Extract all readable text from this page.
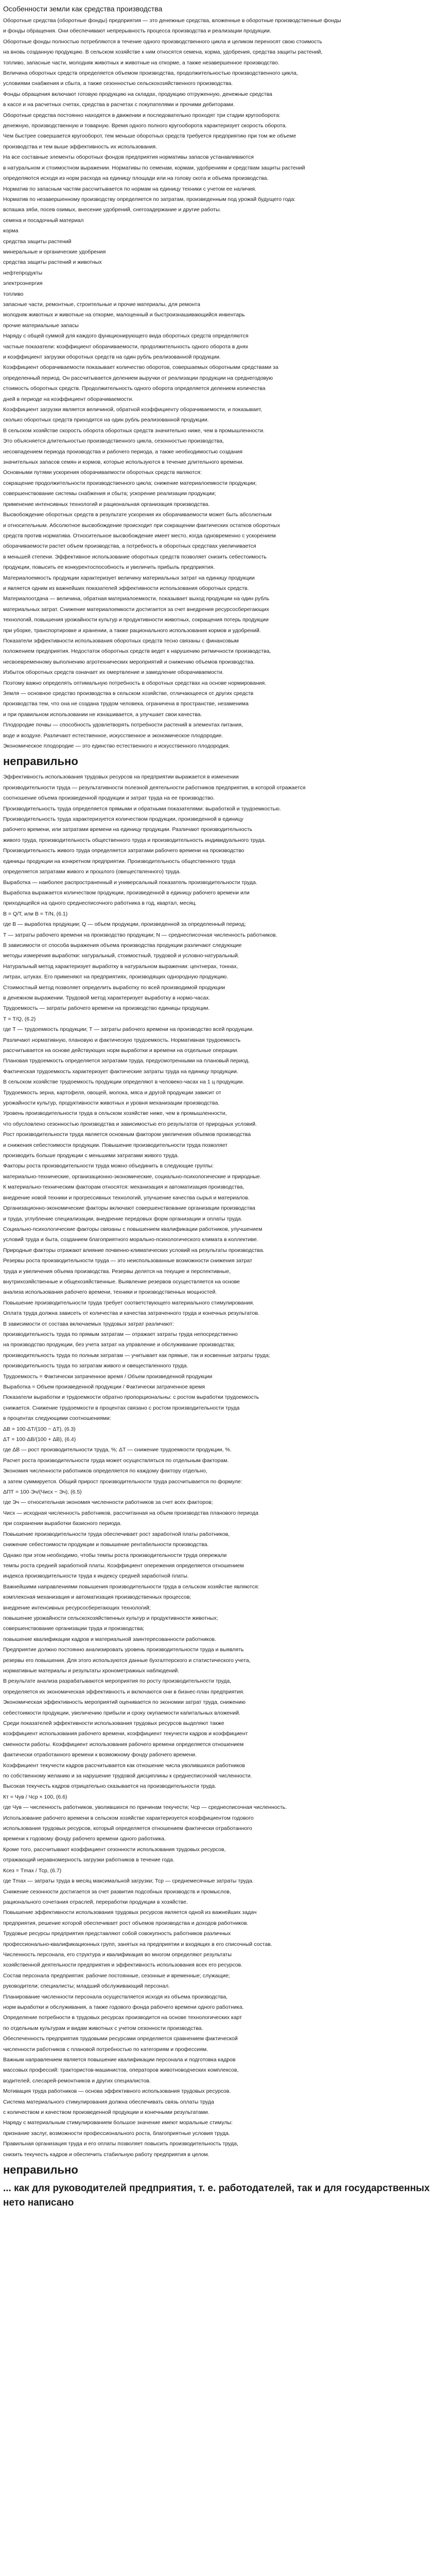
Особенности земли как средства производства

Оборотные средства (оборотные фонды) предприятия — это денежные средства, вложенные в оборотные производственные фонды

и фонды обращения. Они обеспечивают непрерывность процесса производства и реализации продукции.

Оборотные фонды полностью потребляются в течение одного производственного цикла и целиком переносят свою стоимость

на вновь созданную продукцию. В сельском хозяйстве к ним относятся семена, корма, удобрения, средства защиты растений,

топливо, запасные части, молодняк животных и животные на откорме, а также незавершенное производство.

Величина оборотных средств определяется объемом производства, продолжительностью производственного цикла,

условиями снабжения и сбыта, а также сезонностью сельскохозяйственного производства.

Фонды обращения включают готовую продукцию на складах, продукцию отгруженную, денежные средства

в кассе и на расчетных счетах, средства в расчетах с покупателями и прочими дебиторами.

Оборотные средства постоянно находятся в движении и последовательно проходят три стадии кругооборота:

денежную, производственную и товарную. Время одного полного кругооборота характеризует скорость оборота.

Чем быстрее совершается кругооборот, тем меньше оборотных средств требуется предприятию при том же объеме

производства и тем выше эффективность их использования.

На все составные элементы оборотных фондов предприятия нормативы запасов устанавливаются

в натуральном и стоимостном выражении. Нормативы по семенам, кормам, удобрениям и средствам защиты растений

определяются исходя из норм расхода на единицу площади или на голову скота и объема производства.

Норматив по запасным частям рассчитывается по нормам на единицу техники с учетом ее наличия.

Норматив по незавершенному производству определяется по затратам, произведенным под урожай будущего года:

вспашка зяби, посев озимых, внесение удобрений, снегозадержание и другие работы.

семена и посадочный материал

корма

средства защиты растений

минеральные и органические удобрения

средства защиты растений и животных

нефтепродукты

электроэнергия

топливо

запасные части, ремонтные, строительные и прочие материалы, для ремонта

молодняк животных и животные на откорме, малоценный и быстроизнашивающийся инвентарь

прочие материальные запасы

Наряду с общей суммой для каждого функционирующего вида оборотных средств определяются

частные показатели: коэффициент оборачиваемости, продолжительность одного оборота в днях

и коэффициент загрузки оборотных средств на один рубль реализованной продукции.

Коэффициент оборачиваемости показывает количество оборотов, совершаемых оборотными средствами за

определенный период. Он рассчитывается делением выручки от реализации продукции на среднегодовую

стоимость оборотных средств. Продолжительность одного оборота определяется делением количества

дней в периоде на коэффициент оборачиваемости.

Коэффициент загрузки является величиной, обратной коэффициенту оборачиваемости, и показывает,

сколько оборотных средств приходится на один рубль реализованной продукции.

В сельском хозяйстве скорость оборота оборотных средств значительно ниже, чем в промышленности.

Это объясняется длительностью производственного цикла, сезонностью производства,

несовпадением периода производства и рабочего периода, а также необходимостью создания

значительных запасов семян и кормов, которые используются в течение длительного времени.

Основными путями ускорения оборачиваемости оборотных средств являются:

сокращение продолжительности производственного цикла; снижение материалоемкости продукции;

совершенствование системы снабжения и сбыта; ускорение реализации продукции;

применение интенсивных технологий и рациональная организация производства.

Высвобождение оборотных средств в результате ускорения их оборачиваемости может быть абсолютным

и относительным. Абсолютное высвобождение происходит при сокращении фактических остатков оборотных

средств против норматива. Относительное высвобождение имеет место, когда одновременно с ускорением

оборачиваемости растет объем производства, а потребность в оборотных средствах увеличивается

в меньшей степени. Эффективное использование оборотных средств позволяет снизить себестоимость

продукции, повысить ее конкурентоспособность и увеличить прибыль предприятия.

Материалоемкость продукции характеризует величину материальных затрат на единицу продукции

и является одним из важнейших показателей эффективности использования оборотных средств.

Материалоотдача — величина, обратная материалоемкости, показывает выход продукции на один рубль

материальных затрат. Снижение материалоемкости достигается за счет внедрения ресурсосберегающих

технологий, повышения урожайности культур и продуктивности животных, сокращения потерь продукции

при уборке, транспортировке и хранении, а также рационального использования кормов и удобрений.

Показатели эффективности использования оборотных средств тесно связаны с финансовым

положением предприятия. Недостаток оборотных средств ведет к нарушению ритмичности производства,

несвоевременному выполнению агротехнических мероприятий и снижению объемов производства.

Избыток оборотных средств означает их омертвление и замедление оборачиваемости.

Поэтому важно определять оптимальную потребность в оборотных средствах на основе нормирования.

Земля — основное средство производства в сельском хозяйстве, отличающееся от других средств

производства тем, что она не создана трудом человека, ограничена в пространстве, незаменима

и при правильном использовании не изнашивается, а улучшает свои качества.

Плодородие почвы — способность удовлетворять потребности растений в элементах питания,

воде и воздухе. Различают естественное, искусственное и экономическое плодородие.

Экономическое плодородие — это единство естественного и искусственного плодородия.

неправильно

Эффективность использования трудовых ресурсов на предприятии выражается в изменении

производительности труда — результативности полезной деятельности работников предприятия, в которой отражается

соотношение объема произведенной продукции и затрат труда на ее производство.

Производительность труда определяется прямыми и обратными показателями: выработкой и трудоемкостью.

Производительность труда характеризуется количеством продукции, произведенной в единицу

рабочего времени, или затратами времени на единицу продукции. Различают производительность

живого труда, производительность общественного труда и производительность индивидуального труда.

Производительность живого труда определяется затратами рабочего времени на производство

единицы продукции на конкретном предприятии. Производительность общественного труда

определяется затратами живого и прошлого (овеществленного) труда.

Выработка — наиболее распространенный и универсальный показатель производительности труда.

Выработка выражается количеством продукции, произведенной в единицу рабочего времени или

приходящейся на одного среднесписочного работника в год, квартал, месяц.

В = Q/Т, или В = Т/N, (6.1)

где В — выработка продукции; Q — объем продукции, произведенной за определенный период;

Т — затраты рабочего времени на производство продукции; N — среднесписочная численность работников.

В зависимости от способа выражения объема производства продукции различают следующие

методы измерения выработки: натуральный, стоимостный, трудовой и условно-натуральный.

Натуральный метод характеризует выработку в натуральном выражении: центнерах, тоннах,

литрах, штуках. Его применяют на предприятиях, производящих однородную продукцию.

Стоимостный метод позволяет определить выработку по всей производимой продукции

в денежном выражении. Трудовой метод характеризует выработку в нормо-часах.

Трудоемкость — затраты рабочего времени на производство единицы продукции.

Т = Т/Q, (6.2)

где Т — трудоемкость продукции; Т — затраты рабочего времени на производство всей продукции.

Различают нормативную, плановую и фактическую трудоемкость. Нормативная трудоемкость

рассчитывается на основе действующих норм выработки и времени на отдельные операции.

Плановая трудоемкость определяется затратами труда, предусмотренными на плановый период.

Фактическая трудоемкость характеризует фактические затраты труда на единицу продукции.

В сельском хозяйстве трудоемкость продукции определяют в человеко-часах на 1 ц продукции.

Трудоемкость зерна, картофеля, овощей, молока, мяса и другой продукции зависит от

урожайности культур, продуктивности животных и уровня механизации производства.

Уровень производительности труда в сельском хозяйстве ниже, чем в промышленности,

что обусловлено сезонностью производства и зависимостью его результатов от природных условий.

Рост производительности труда является основным фактором увеличения объемов производства

и снижения себестоимости продукции. Повышение производительности труда позволяет

производить больше продукции с меньшими затратами живого труда.

Факторы роста производительности труда можно объединить в следующие группы:

материально-технические, организационно-экономические, социально-психологические и природные.

К материально-техническим факторам относятся: механизация и автоматизация производства,

внедрение новой техники и прогрессивных технологий, улучшение качества сырья и материалов.

Организационно-экономические факторы включают совершенствование организации производства

и труда, углубление специализации, внедрение передовых форм организации и оплаты труда.

Социально-психологические факторы связаны с повышением квалификации работников, улучшением

условий труда и быта, созданием благоприятного морально-психологического климата в коллективе.

Природные факторы отражают влияние почвенно-климатических условий на результаты производства.

Резервы роста производительности труда — это неиспользованные возможности снижения затрат

труда и увеличения объема производства. Резервы делятся на текущие и перспективные,

внутрихозяйственные и общехозяйственные. Выявление резервов осуществляется на основе

анализа использования рабочего времени, техники и производственных мощностей.

Повышение производительности труда требует соответствующего материального стимулирования.

Оплата труда должна зависеть от количества и качества затраченного труда и конечных результатов.

В зависимости от состава включаемых трудовых затрат различают:

производительность труда по прямым затратам — отражает затраты труда непосредственно

на производство продукции, без учета затрат на управление и обслуживание производства;

производительность труда по полным затратам — учитывает как прямые, так и косвенные затраты труда;

производительность труда по затратам живого и овеществленного труда.

Трудоемкость = Фактически затраченное время / Объем произведенной продукции

Выработка = Объем произведенной продукции / Фактически затраченное время

Показатели выработки и трудоемкости обратно пропорциональны: с ростом выработки трудоемкость

снижается. Снижение трудоемкости в процентах связано с ростом производительности труда

в процентах следующими соотношениями:

ΔВ = 100·ΔТ/(100 − ΔТ), (6.3)

ΔТ = 100·ΔВ/(100 + ΔВ), (6.4)

где ΔВ — рост производительности труда, %; ΔТ — снижение трудоемкости продукции, %.

Расчет роста производительности труда может осуществляться по отдельным факторам.

Экономия численности работников определяется по каждому фактору отдельно,

а затем суммируется. Общий прирост производительности труда рассчитывается по формуле:

ΔПТ = 100·Эч/(Чисх − Эч), (6.5)

где Эч — относительная экономия численности работников за счет всех факторов;

Чисх — исходная численность работников, рассчитанная на объем производства планового периода

при сохранении выработки базисного периода.

Повышение производительности труда обеспечивает рост заработной платы работников,

снижение себестоимости продукции и повышение рентабельности производства.

Однако при этом необходимо, чтобы темпы роста производительности труда опережали

темпы роста средней заработной платы. Коэффициент опережения определяется отношением

индекса производительности труда к индексу средней заработной платы.

Важнейшими направлениями повышения производительности труда в сельском хозяйстве являются:

комплексная механизация и автоматизация производственных процессов;

внедрение интенсивных ресурсосберегающих технологий;

повышение урожайности сельскохозяйственных культур и продуктивности животных;

совершенствование организации труда и производства;

повышение квалификации кадров и материальной заинтересованности работников.

Предприятие должно постоянно анализировать уровень производительности труда и выявлять

резервы его повышения. Для этого используются данные бухгалтерского и статистического учета,

нормативные материалы и результаты хронометражных наблюдений.

В результате анализа разрабатываются мероприятия по росту производительности труда,

определяется их экономическая эффективность и включаются они в бизнес-план предприятия.

Экономическая эффективность мероприятий оценивается по экономии затрат труда, снижению

себестоимости продукции, увеличению прибыли и сроку окупаемости капитальных вложений.

Среди показателей эффективности использования трудовых ресурсов выделяют также

коэффициент использования рабочего времени, коэффициент текучести кадров и коэффициент

сменности работы. Коэффициент использования рабочего времени определяется отношением

фактически отработанного времени к возможному фонду рабочего времени.

Коэффициент текучести кадров рассчитывается как отношение числа уволившихся работников

по собственному желанию и за нарушение трудовой дисциплины к среднесписочной численности.

Высокая текучесть кадров отрицательно сказывается на производительности труда.

Кт = Чув / Чср × 100, (6.6)

где Чув — численность работников, уволившихся по причинам текучести; Чср — среднесписочная численность.

Использование рабочего времени в сельском хозяйстве характеризуется коэффициентом годового

использования трудовых ресурсов, который определяется отношением фактически отработанного

времени к годовому фонду рабочего времени одного работника.

Кроме того, рассчитывают коэффициент сезонности использования трудовых ресурсов,

отражающий неравномерность загрузки работников в течение года.

Ксез = Тmax / Тср, (6.7)

где Тmax — затраты труда в месяц максимальной загрузки; Тср — среднемесячные затраты труда.

Снижение сезонности достигается за счет развития подсобных производств и промыслов,

рационального сочетания отраслей, переработки продукции в хозяйстве.

Повышение эффективности использования трудовых ресурсов является одной из важнейших задач

предприятия, решение которой обеспечивает рост объемов производства и доходов работников.

Трудовые ресурсы предприятия представляют собой совокупность работников различных

профессионально-квалификационных групп, занятых на предприятии и входящих в его списочный состав.

Численность персонала, его структура и квалификация во многом определяют результаты

хозяйственной деятельности предприятия и эффективность использования всех его ресурсов.

Состав персонала предприятия: рабочие постоянные, сезонные и временные; служащие;

руководители; специалисты; младший обслуживающий персонал.

Планирование численности персонала осуществляется исходя из объема производства,

норм выработки и обслуживания, а также годового фонда рабочего времени одного работника.

Определение потребности в трудовых ресурсах производится на основе технологических карт

по отдельным культурам и видам животных с учетом сезонности производства.

Обеспеченность предприятия трудовыми ресурсами определяется сравнением фактической

численности работников с плановой потребностью по категориям и профессиям.

Важным направлением является повышение квалификации персонала и подготовка кадров

массовых профессий: трактористов-машинистов, операторов животноводческих комплексов,

водителей, слесарей-ремонтников и других специалистов.

Мотивация труда работников — основа эффективного использования трудовых ресурсов.

Система материального стимулирования должна обеспечивать связь оплаты труда

с количеством и качеством произведенной продукции и конечными результатами.

Наряду с материальным стимулированием большое значение имеют моральные стимулы:

признание заслуг, возможности профессионального роста, благоприятные условия труда.

Правильная организация труда и его оплаты позволяет повысить производительность труда,

снизить текучесть кадров и обеспечить стабильную работу предприятия в целом.

неправильно
... как для руководителей предприятия, т. е. работодателей, так и для государственных нето написано
